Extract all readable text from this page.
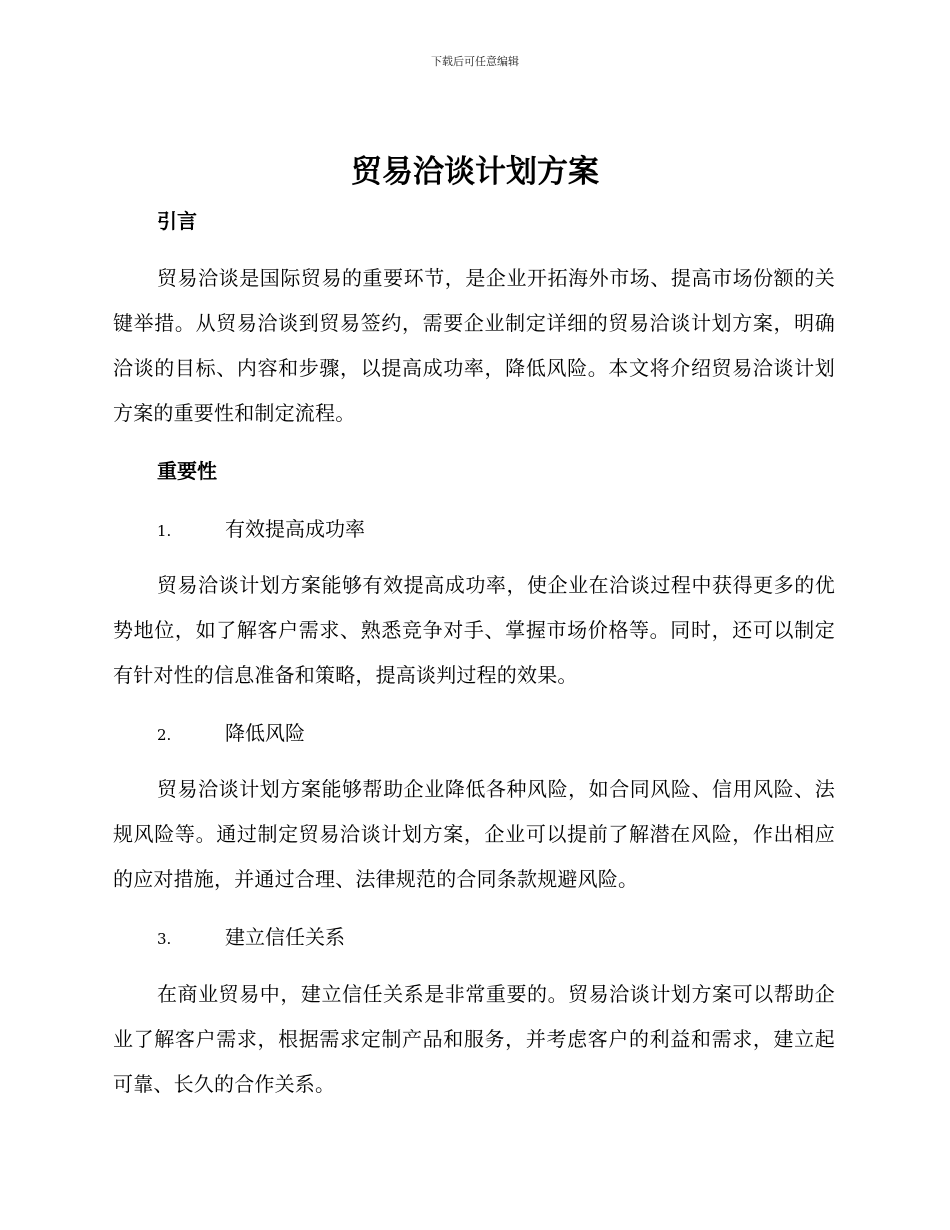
下载后可任意编辑
贸易洽谈计划方案
引言

贸易洽谈是国际贸易的重要环节，是企业开拓海外市场、提高市场份额的关键举措。从贸易洽谈到贸易签约，需要企业制定详细的贸易洽谈计划方案，明确洽谈的目标、内容和步骤，以提高成功率，降低风险。本文将介绍贸易洽谈计划方案的重要性和制定流程。

重要性
1.	有效提高成功率

贸易洽谈计划方案能够有效提高成功率，使企业在洽谈过程中获得更多的优势地位，如了解客户需求、熟悉竞争对手、掌握市场价格等。同时，还可以制定有针对性的信息准备和策略，提高谈判过程的效果。

2.	降低风险

贸易洽谈计划方案能够帮助企业降低各种风险，如合同风险、信用风险、法规风险等。通过制定贸易洽谈计划方案，企业可以提前了解潜在风险，作出相应的应对措施，并通过合理、法律规范的合同条款规避风险。

3.	建立信任关系

在商业贸易中，建立信任关系是非常重要的。贸易洽谈计划方案可以帮助企业了解客户需求，根据需求定制产品和服务，并考虑客户的利益和需求，建立起可靠、长久的合作关系。
